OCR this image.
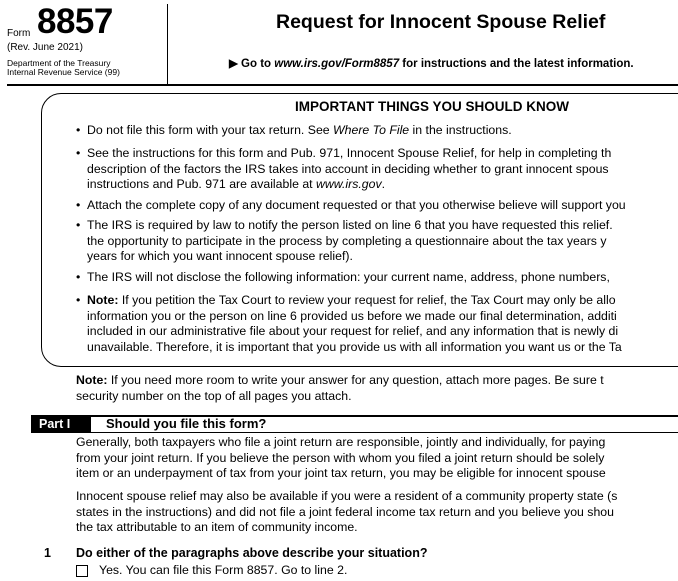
Form 8857
(Rev. June 2021)
Department of the Treasury
Internal Revenue Service (99)
Request for Innocent Spouse Relief
▶ Go to www.irs.gov/Form8857 for instructions and the latest information.
IMPORTANT THINGS YOU SHOULD KNOW
• Do not file this form with your tax return. See Where To File in the instructions.
• See the instructions for this form and Pub. 971, Innocent Spouse Relief, for help in completing th
description of the factors the IRS takes into account in deciding whether to grant innocent spous
instructions and Pub. 971 are available at www.irs.gov.
• Attach the complete copy of any document requested or that you otherwise believe will support you
• The IRS is required by law to notify the person listed on line 6 that you have requested this relief.
the opportunity to participate in the process by completing a questionnaire about the tax years y
years for which you want innocent spouse relief).
• The IRS will not disclose the following information: your current name, address, phone numbers,
• Note: If you petition the Tax Court to review your request for relief, the Tax Court may only be allo
information you or the person on line 6 provided us before we made our final determination, additi
included in our administrative file about your request for relief, and any information that is newly di
unavailable. Therefore, it is important that you provide us with all information you want us or the Ta
Note: If you need more room to write your answer for any question, attach more pages. Be sure t
security number on the top of all pages you attach.
Part I	Should you file this form?
Generally, both taxpayers who file a joint return are responsible, jointly and individually, for paying
from your joint return. If you believe the person with whom you filed a joint return should be solely
item or an underpayment of tax from your joint tax return, you may be eligible for innocent spouse
Innocent spouse relief may also be available if you were a resident of a community property state (s
states in the instructions) and did not file a joint federal income tax return and you believe you shou
the tax attributable to an item of community income.
1 Do either of the paragraphs above describe your situation?
Yes. You can file this Form 8857. Go to line 2.
